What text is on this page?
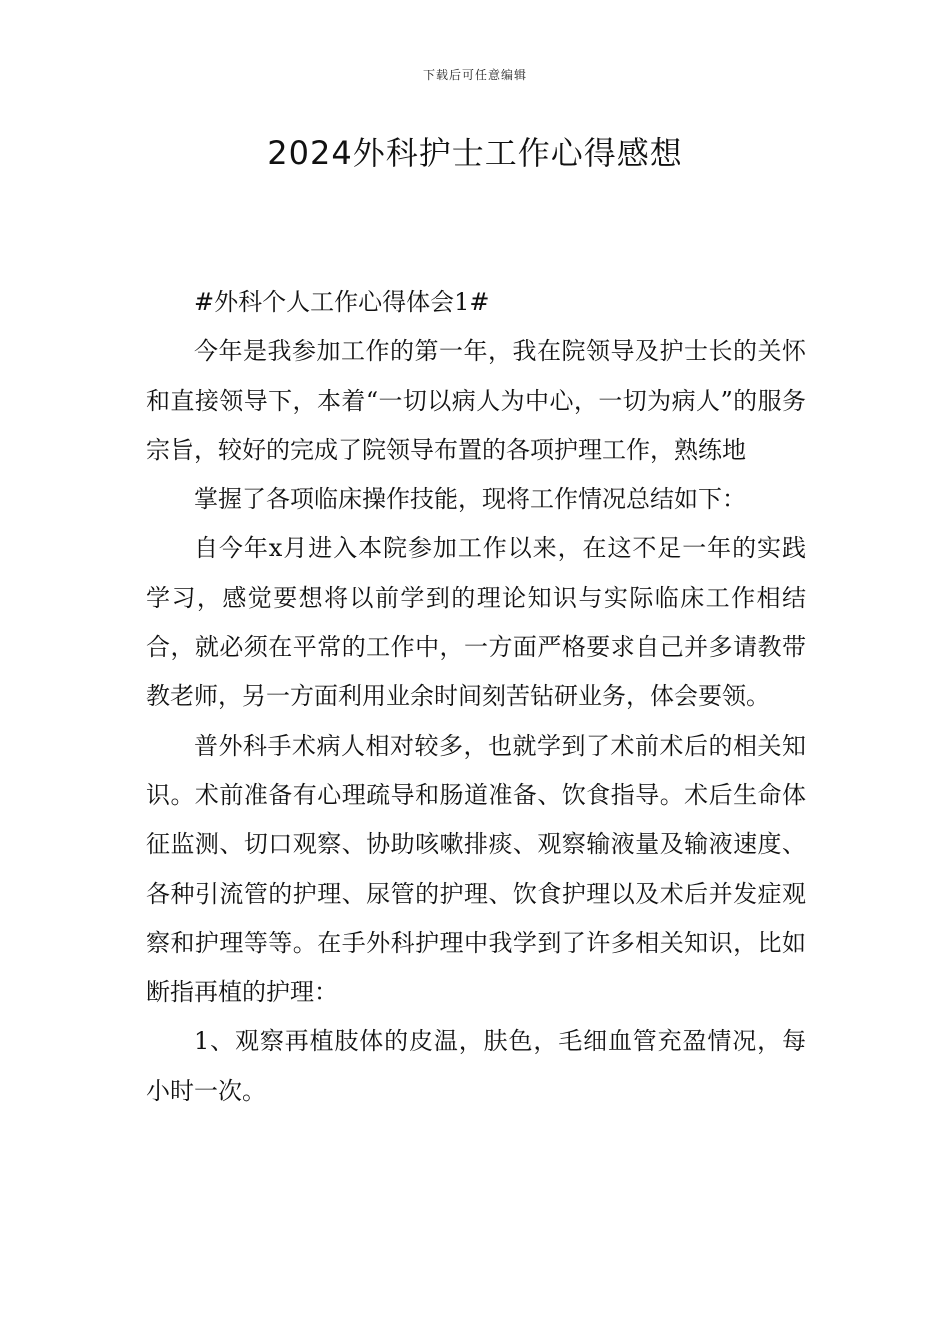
下载后可任意编辑
2024外科护士工作心得感想

#外科个人工作心得体会1#

今年是我参加工作的第一年，我在院领导及护士长的关怀和直接领导下，本着“一切以病人为中心，一切为病人”的服务宗旨，较好的完成了院领导布置的各项护理工作，熟练地

掌握了各项临床操作技能，现将工作情况总结如下：

自今年x月进入本院参加工作以来，在这不足一年的实践学习，感觉要想将以前学到的理论知识与实际临床工作相结合，就必须在平常的工作中，一方面严格要求自己并多请教带教老师，另一方面利用业余时间刻苦钻研业务，体会要领。

普外科手术病人相对较多，也就学到了术前术后的相关知识。术前准备有心理疏导和肠道准备、饮食指导。术后生命体征监测、切口观察、协助咳嗽排痰、观察输液量及输液速度、各种引流管的护理、尿管的护理、饮食护理以及术后并发症观察和护理等等。在手外科护理中我学到了许多相关知识，比如断指再植的护理：

1、观察再植肢体的皮温，肤色，毛细血管充盈情况，每小时一次。
